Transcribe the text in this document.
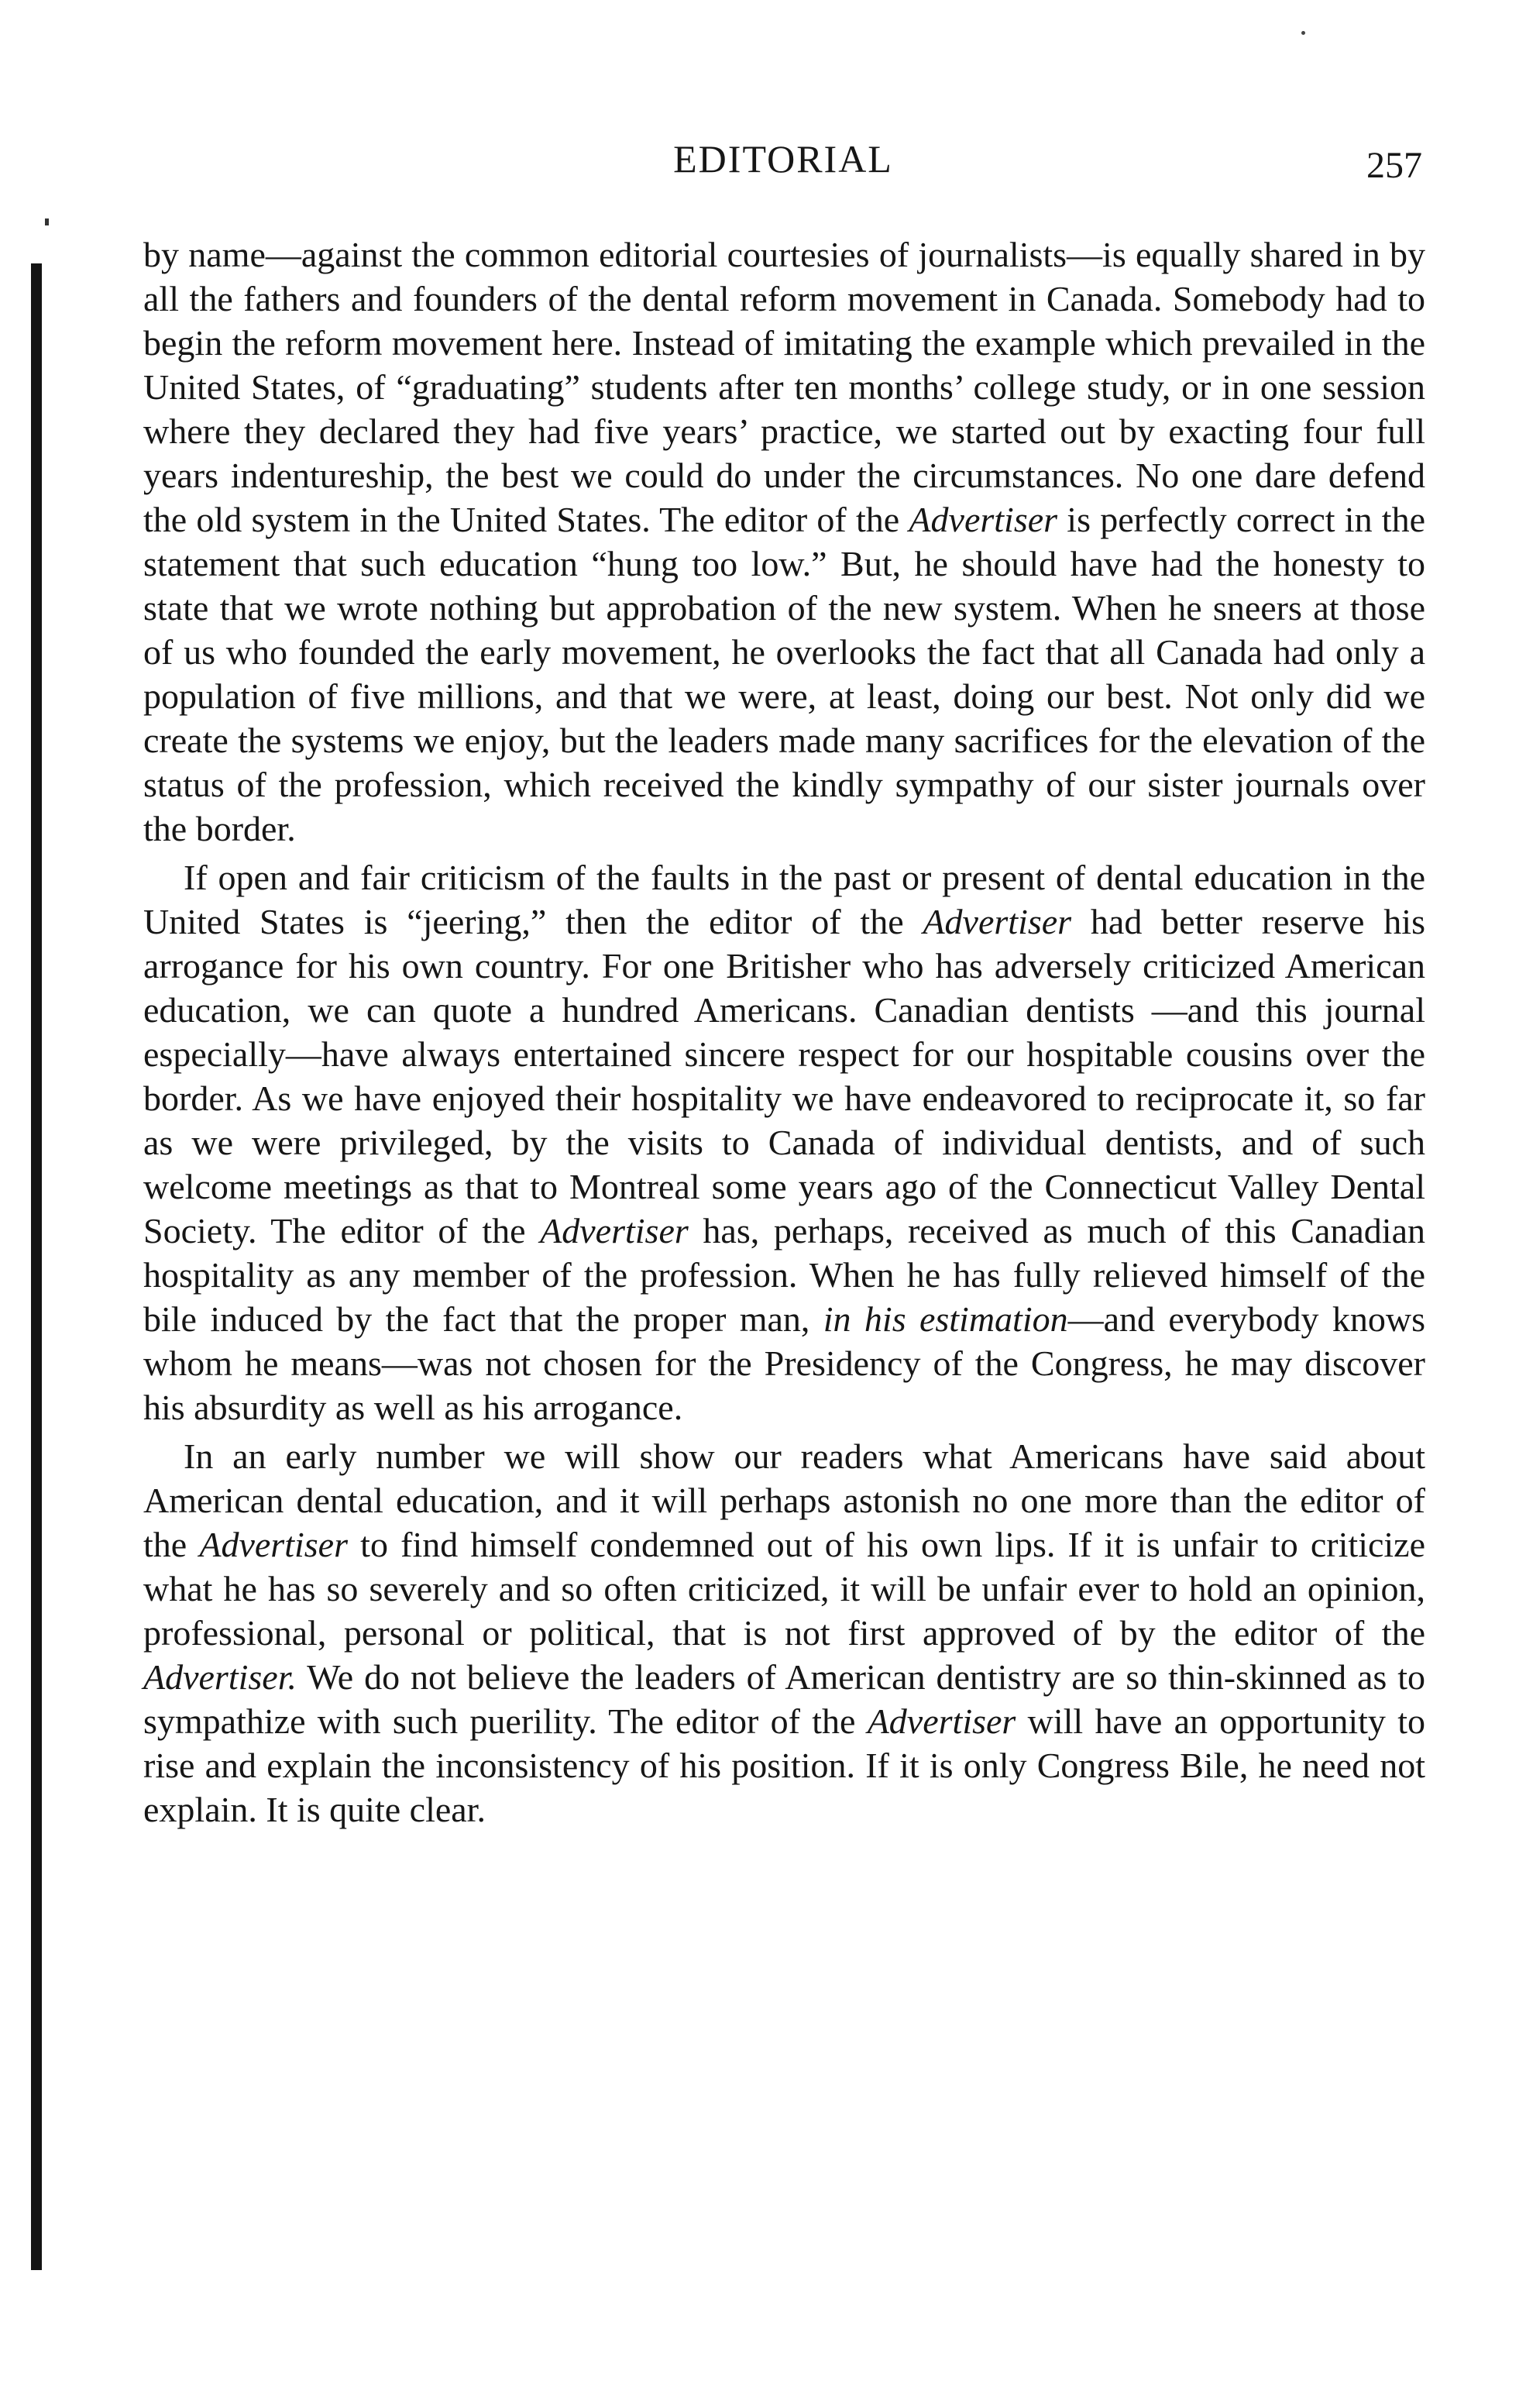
EDITORIAL	257

by name—against the common editorial courtesies of journalists—is equally shared in by all the fathers and founders of the dental reform movement in Canada. Somebody had to begin the reform movement here. Instead of imitating the example which prevailed in the United States, of “graduating” students after ten months’ college study, or in one session where they declared they had five years’ practice, we started out by exacting four full years indentureship, the best we could do under the circumstances. No one dare defend the old system in the United States. The editor of the Advertiser is perfectly correct in the statement that such education “hung too low.” But, he should have had the honesty to state that we wrote nothing but approbation of the new system. When he sneers at those of us who founded the early movement, he overlooks the fact that all Canada had only a population of five millions, and that we were, at least, doing our best. Not only did we create the systems we enjoy, but the leaders made many sacrifices for the elevation of the status of the profession, which received the kindly sympathy of our sister journals over the border.

If open and fair criticism of the faults in the past or present of dental education in the United States is “jeering,” then the editor of the Advertiser had better reserve his arrogance for his own country. For one Britisher who has adversely criticized American education, we can quote a hundred Americans. Canadian dentists —and this journal especially—have always entertained sincere respect for our hospitable cousins over the border. As we have enjoyed their hospitality we have endeavored to reciprocate it, so far as we were privileged, by the visits to Canada of individual dentists, and of such welcome meetings as that to Montreal some years ago of the Connecticut Valley Dental Society. The editor of the Advertiser has, perhaps, received as much of this Canadian hospitality as any member of the profession. When he has fully relieved himself of the bile induced by the fact that the proper man, in his estimation—and everybody knows whom he means—was not chosen for the Presidency of the Congress, he may discover his absurdity as well as his arrogance.

In an early number we will show our readers what Americans have said about American dental education, and it will perhaps astonish no one more than the editor of the Advertiser to find himself condemned out of his own lips. If it is unfair to criticize what he has so severely and so often criticized, it will be unfair ever to hold an opinion, professional, personal or political, that is not first approved of by the editor of the Advertiser. We do not believe the leaders of American dentistry are so thin-skinned as to sympathize with such puerility. The editor of the Advertiser will have an opportunity to rise and explain the inconsistency of his position. If it is only Congress Bile, he need not explain. It is quite clear.
